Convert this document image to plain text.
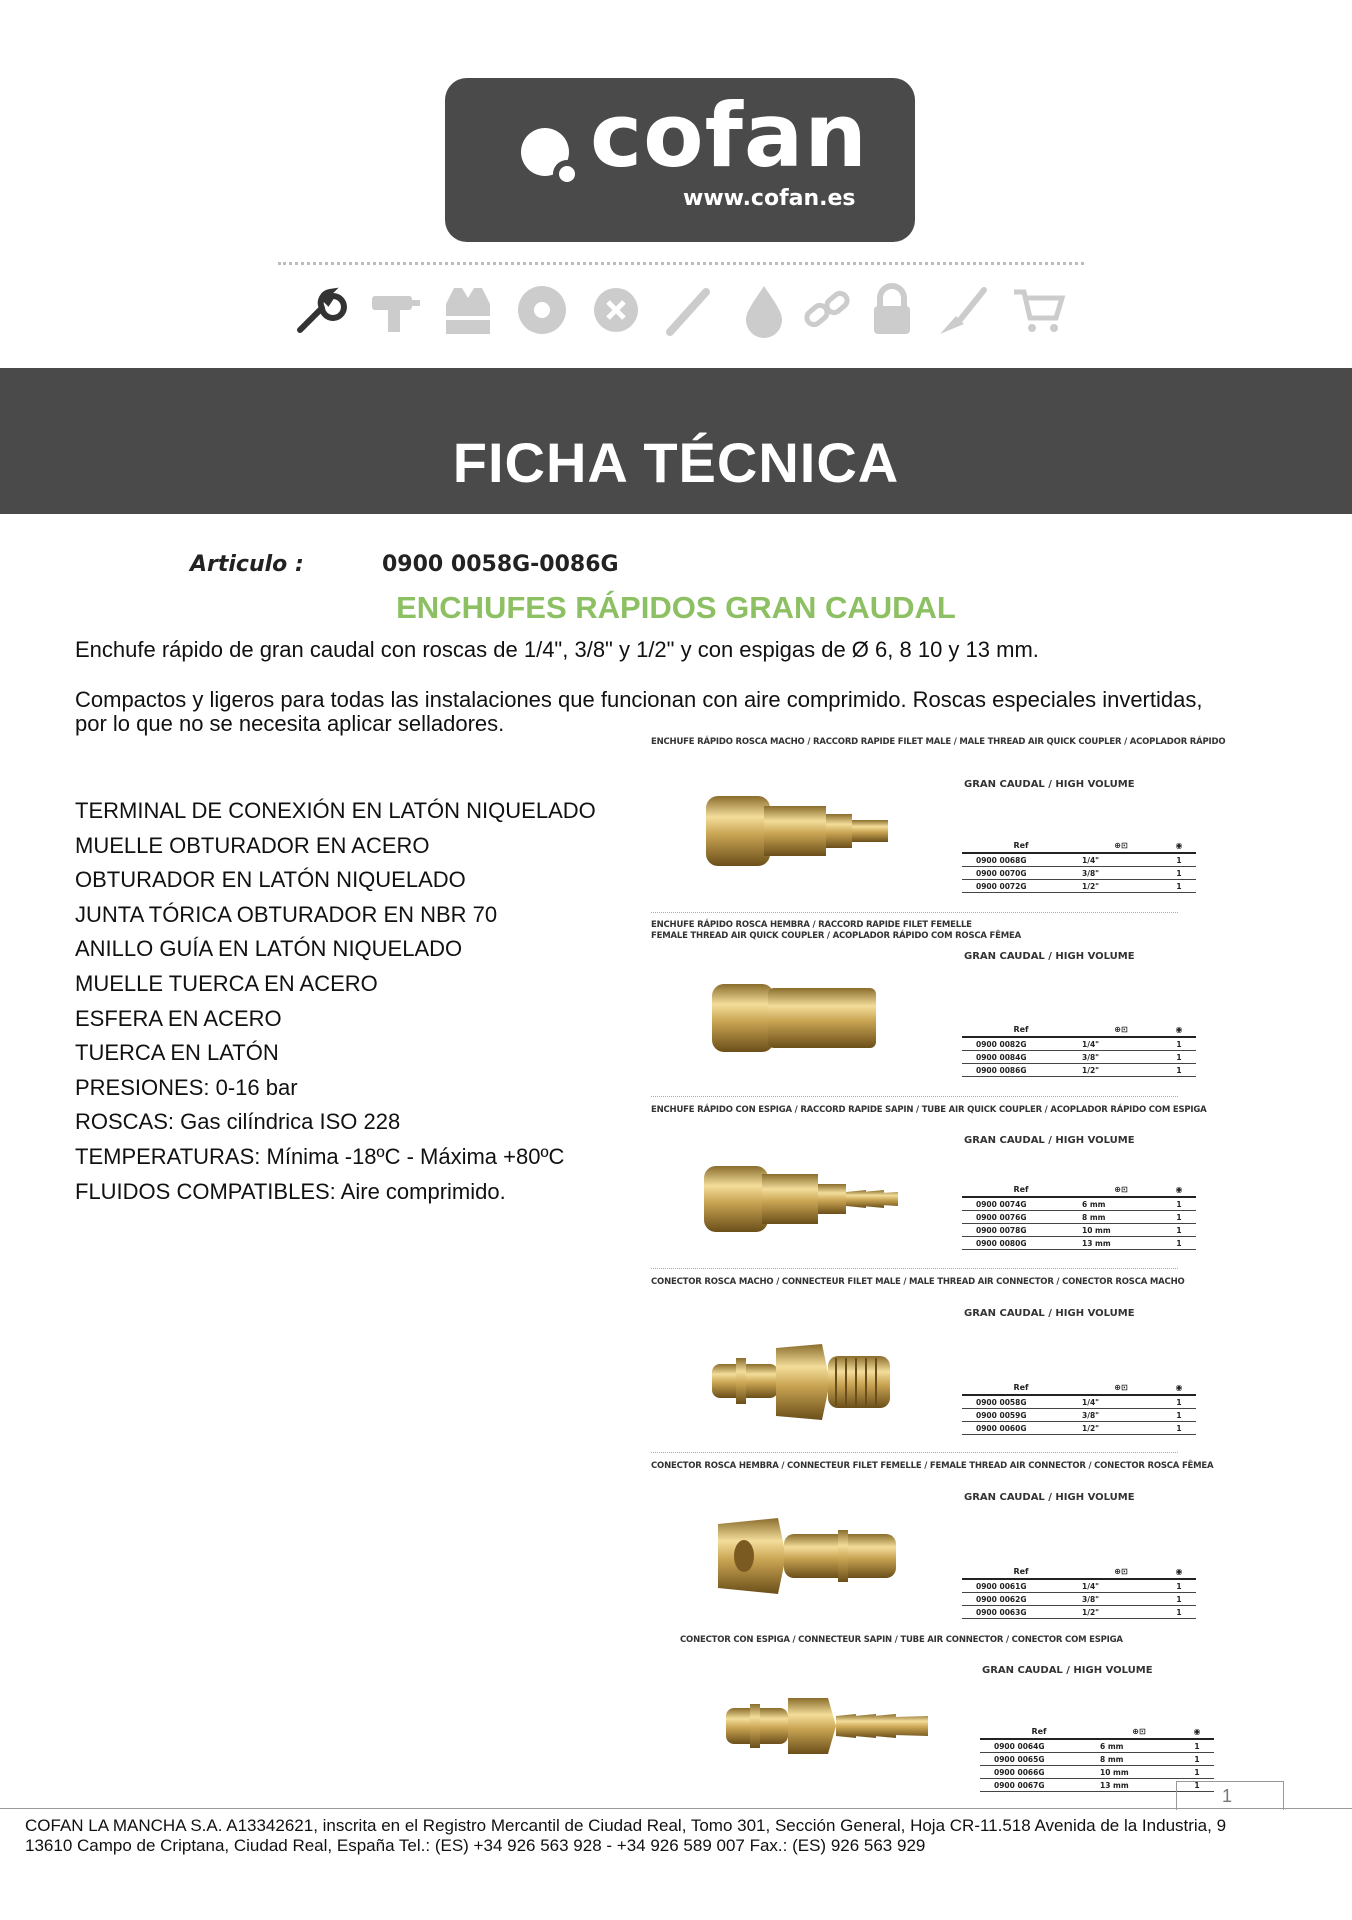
cofan
www.cofan.es
FICHA TÉCNICA
Articulo :	0900 0058G-0086G
ENCHUFES RÁPIDOS GRAN CAUDAL
Enchufe rápido de gran caudal con roscas de 1/4", 3/8" y 1/2" y con espigas de Ø 6, 8 10 y 13 mm.
Compactos y ligeros para todas las instalaciones que funcionan con aire comprimido. Roscas especiales invertidas,
por lo que no se necesita aplicar selladores.
TERMINAL DE CONEXIÓN EN LATÓN NIQUELADO
MUELLE OBTURADOR EN ACERO
OBTURADOR EN LATÓN NIQUELADO
JUNTA TÓRICA OBTURADOR EN NBR 70
ANILLO GUÍA EN LATÓN NIQUELADO
MUELLE TUERCA EN ACERO
ESFERA EN ACERO
TUERCA EN LATÓN
PRESIONES: 0-16 bar
ROSCAS: Gas cilíndrica ISO 228
TEMPERATURAS: Mínima -18ºC - Máxima +80ºC
FLUIDOS COMPATIBLES: Aire comprimido.
ENCHUFE RÁPIDO ROSCA MACHO / RACCORD RAPIDE FILET MALE / MALE THREAD AIR QUICK COUPLER / ACOPLADOR RÁPIDO
GRAN CAUDAL / HIGH VOLUME
Ref	⊕⊡	◉
0900 0068G	1/4"	1
0900 0070G	3/8"	1
0900 0072G	1/2"	1
ENCHUFE RÁPIDO ROSCA HEMBRA / RACCORD RAPIDE FILET FEMELLE
FEMALE THREAD AIR QUICK COUPLER / ACOPLADOR RÁPIDO COM ROSCA FÊMEA
GRAN CAUDAL / HIGH VOLUME
Ref	⊕⊡	◉
0900 0082G	1/4"	1
0900 0084G	3/8"	1
0900 0086G	1/2"	1
ENCHUFE RÁPIDO CON ESPIGA / RACCORD RAPIDE SAPIN / TUBE AIR QUICK COUPLER / ACOPLADOR RÁPIDO COM ESPIGA
GRAN CAUDAL / HIGH VOLUME
Ref	⊕⊡	◉
0900 0074G	6 mm	1
0900 0076G	8 mm	1
0900 0078G	10 mm	1
0900 0080G	13 mm	1
CONECTOR ROSCA MACHO / CONNECTEUR FILET MALE / MALE THREAD AIR CONNECTOR / CONECTOR ROSCA MACHO
GRAN CAUDAL / HIGH VOLUME
Ref	⊕⊡	◉
0900 0058G	1/4"	1
0900 0059G	3/8"	1
0900 0060G	1/2"	1
CONECTOR ROSCA HEMBRA / CONNECTEUR FILET FEMELLE / FEMALE THREAD AIR CONNECTOR / CONECTOR ROSCA FÊMEA
GRAN CAUDAL / HIGH VOLUME
Ref	⊕⊡	◉
0900 0061G	1/4"	1
0900 0062G	3/8"	1
0900 0063G	1/2"	1
CONECTOR CON ESPIGA / CONNECTEUR SAPIN / TUBE AIR CONNECTOR / CONECTOR COM ESPIGA
GRAN CAUDAL / HIGH VOLUME
Ref	⊕⊡	◉
0900 0064G	6 mm	1
0900 0065G	8 mm	1
0900 0066G	10 mm	1
0900 0067G	13 mm	1
1
COFAN LA MANCHA S.A. A13342621, inscrita en el Registro Mercantil de Ciudad Real, Tomo 301, Sección General, Hoja CR-11.518 Avenida de la Industria, 9
13610 Campo de Criptana, Ciudad Real, España Tel.: (ES) +34 926 563 928 - +34 926 589 007 Fax.: (ES) 926 563 929
